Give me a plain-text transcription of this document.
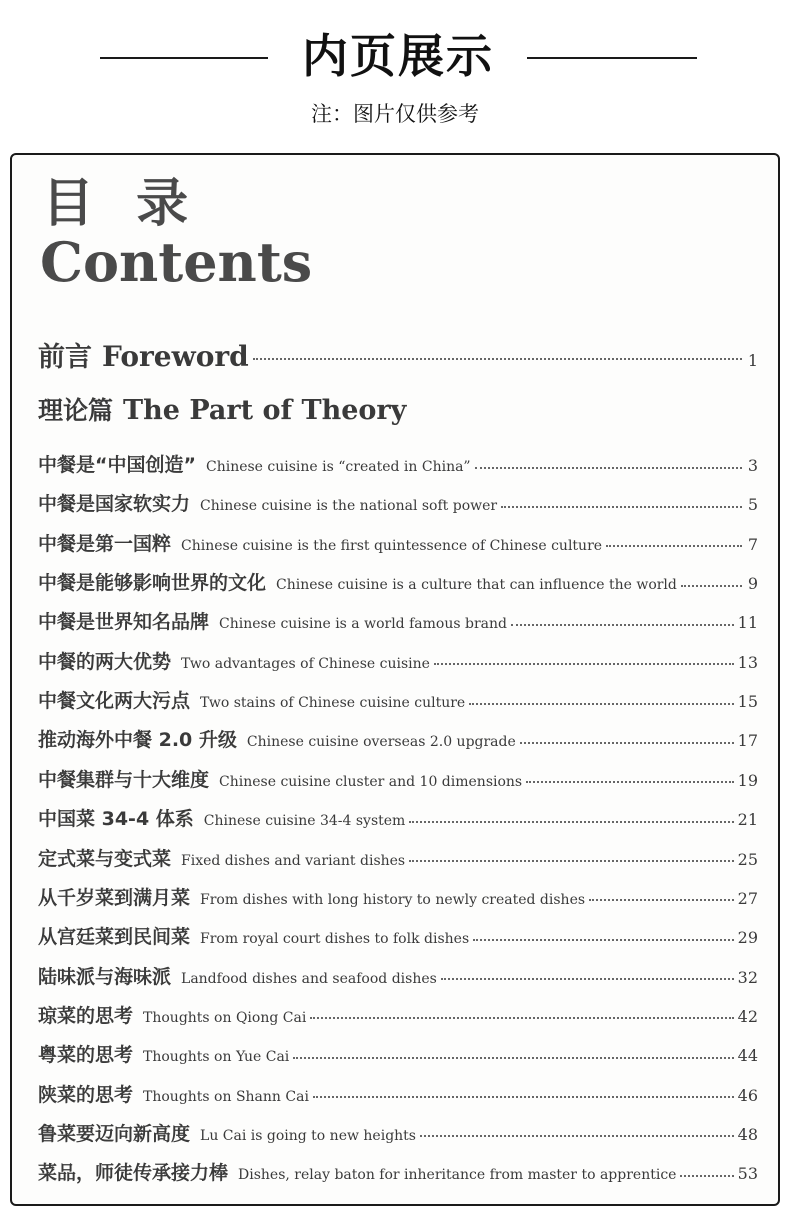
内页展示
注：图片仅供参考
目 录
Contents
前言 Foreword	1
理论篇 The Part of Theory
中餐是“中国创造” Chinese cuisine is “created in China”	3
中餐是国家软实力 Chinese cuisine is the national soft power	5
中餐是第一国粹 Chinese cuisine is the first quintessence of Chinese culture	7
中餐是能够影响世界的文化 Chinese cuisine is a culture that can influence the world	9
中餐是世界知名品牌 Chinese cuisine is a world famous brand	11
中餐的两大优势 Two advantages of Chinese cuisine	13
中餐文化两大污点 Two stains of Chinese cuisine culture	15
推动海外中餐 2.0 升级 Chinese cuisine overseas 2.0 upgrade	17
中餐集群与十大维度 Chinese cuisine cluster and 10 dimensions	19
中国菜 34-4 体系 Chinese cuisine 34-4 system	21
定式菜与变式菜 Fixed dishes and variant dishes	25
从千岁菜到满月菜 From dishes with long history to newly created dishes	27
从宫廷菜到民间菜 From royal court dishes to folk dishes	29
陆味派与海味派 Landfood dishes and seafood dishes	32
琼菜的思考 Thoughts on Qiong Cai	42
粤菜的思考 Thoughts on Yue Cai	44
陕菜的思考 Thoughts on Shann Cai	46
鲁菜要迈向新高度 Lu Cai is going to new heights	48
菜品，师徒传承接力棒 Dishes, relay baton for inheritance from master to apprentice	53
